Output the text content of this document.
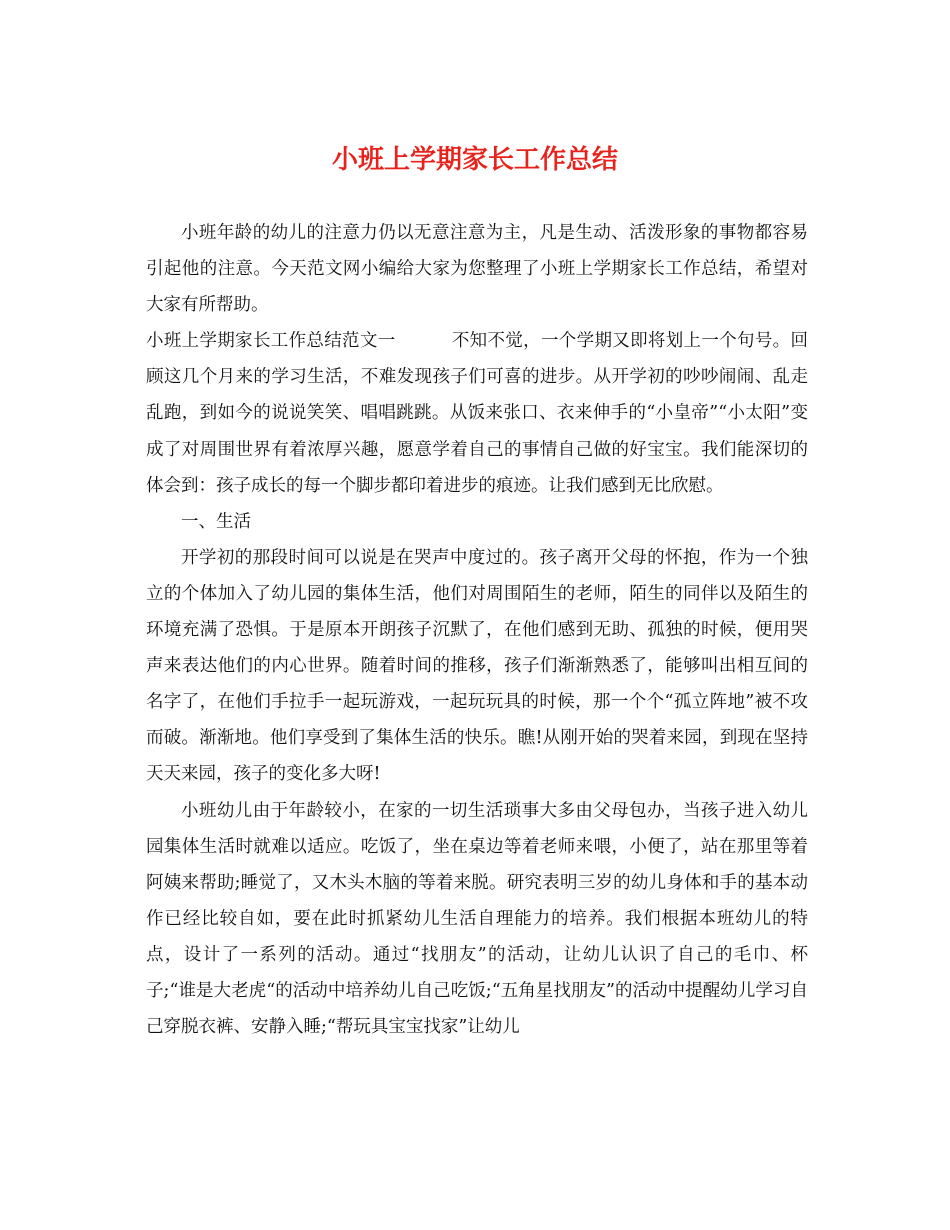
小班上学期家长工作总结

小班年龄的幼儿的注意力仍以无意注意为主，凡是生动、活泼形象的事物都容易引起他的注意。今天范文网小编给大家为您整理了小班上学期家长工作总结，希望对大家有所帮助。

小班上学期家长工作总结范文一	不知不觉，一个学期又即将划上一个句号。回顾这几个月来的学习生活，不难发现孩子们可喜的进步。从开学初的吵吵闹闹、乱走乱跑，到如今的说说笑笑、唱唱跳跳。从饭来张口、衣来伸手的“小皇帝”“小太阳”变成了对周围世界有着浓厚兴趣，愿意学着自己的事情自己做的好宝宝。我们能深切的体会到：孩子成长的每一个脚步都印着进步的痕迹。让我们感到无比欣慰。

一、生活

开学初的那段时间可以说是在哭声中度过的。孩子离开父母的怀抱，作为一个独立的个体加入了幼儿园的集体生活，他们对周围陌生的老师，陌生的同伴以及陌生的环境充满了恐惧。于是原本开朗孩子沉默了，在他们感到无助、孤独的时候，便用哭声来表达他们的内心世界。随着时间的推移，孩子们渐渐熟悉了，能够叫出相互间的名字了，在他们手拉手一起玩游戏，一起玩玩具的时候，那一个个“孤立阵地”被不攻而破。渐渐地。他们享受到了集体生活的快乐。瞧!从刚开始的哭着来园，到现在坚持天天来园，孩子的变化多大呀!

小班幼儿由于年龄较小，在家的一切生活琐事大多由父母包办，当孩子进入幼儿园集体生活时就难以适应。吃饭了，坐在桌边等着老师来喂，小便了，站在那里等着阿姨来帮助;睡觉了，又木头木脑的等着来脱。研究表明三岁的幼儿身体和手的基本动作已经比较自如，要在此时抓紧幼儿生活自理能力的培养。我们根据本班幼儿的特点，设计了一系列的活动。通过“找朋友”的活动，让幼儿认识了自己的毛巾、杯子;“谁是大老虎“的活动中培养幼儿自己吃饭;“五角星找朋友”的活动中提醒幼儿学习自己穿脱衣裤、安静入睡;“帮玩具宝宝找家”让幼儿
